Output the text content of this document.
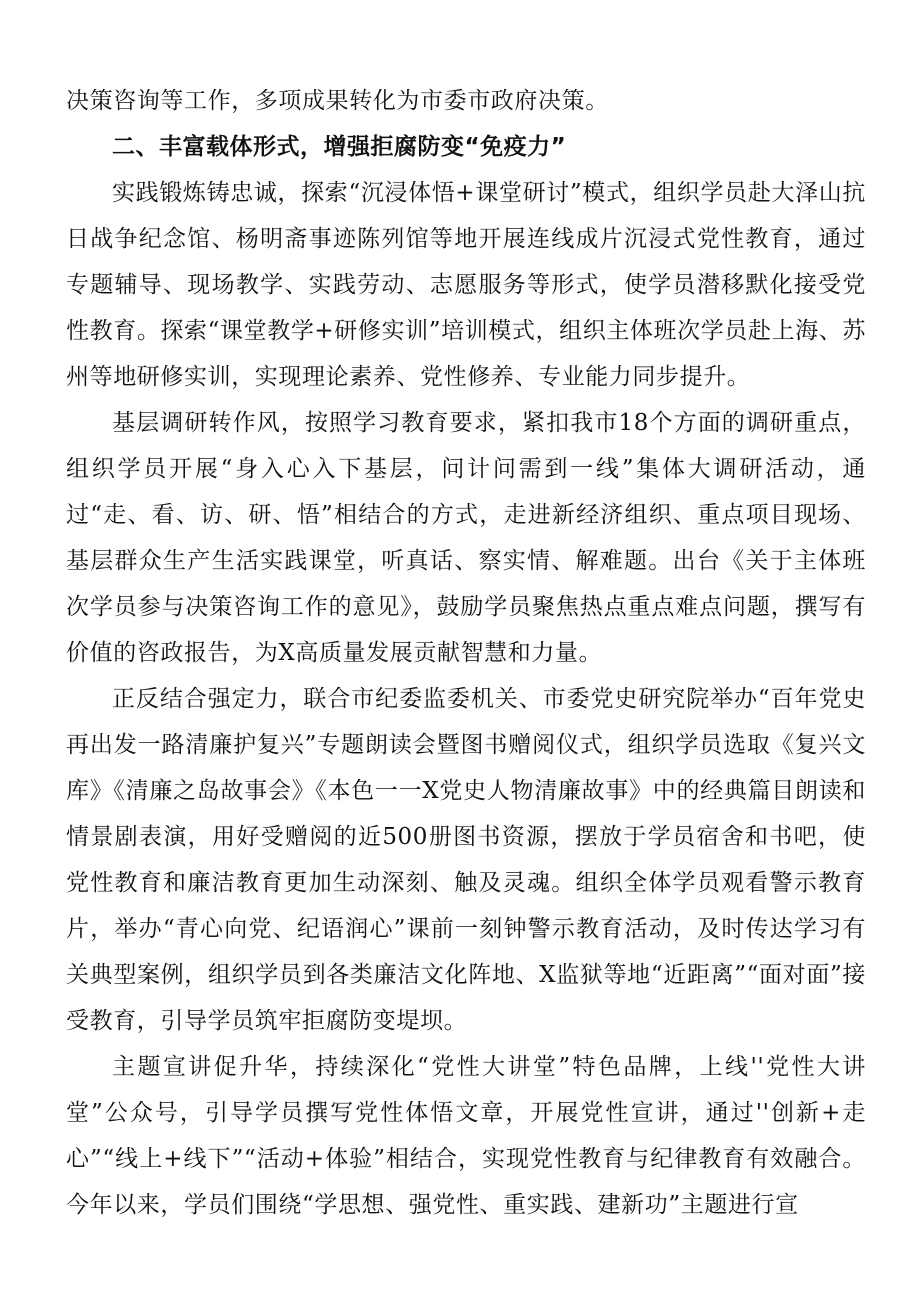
决策咨询等工作，多项成果转化为市委市政府决策。

二、丰富载体形式，增强拒腐防变“免疫力”

实践锻炼铸忠诚，探索“沉浸体悟+课堂研讨”模式，组织学员赴大泽山抗日战争纪念馆、杨明斋事迹陈列馆等地开展连线成片沉浸式党性教育，通过专题辅导、现场教学、实践劳动、志愿服务等形式，使学员潜移默化接受党性教育。探索“课堂教学+研修实训”培训模式，组织主体班次学员赴上海、苏州等地研修实训，实现理论素养、党性修养、专业能力同步提升。

基层调研转作风，按照学习教育要求，紧扣我市18个方面的调研重点，组织学员开展“身入心入下基层，问计问需到一线”集体大调研活动，通过“走、看、访、研、悟”相结合的方式，走进新经济组织、重点项目现场、基层群众生产生活实践课堂，听真话、察实情、解难题。出台《关于主体班次学员参与决策咨询工作的意见》，鼓励学员聚焦热点重点难点问题，撰写有价值的咨政报告，为X高质量发展贡献智慧和力量。

正反结合强定力，联合市纪委监委机关、市委党史研究院举办“百年党史再出发一路清廉护复兴”专题朗读会暨图书赠阅仪式，组织学员选取《复兴文库》《清廉之岛故事会》《本色一一X党史人物清廉故事》中的经典篇目朗读和情景剧表演，用好受赠阅的近500册图书资源，摆放于学员宿舍和书吧，使党性教育和廉洁教育更加生动深刻、触及灵魂。组织全体学员观看警示教育片，举办“青心向党、纪语润心”课前一刻钟警示教育活动，及时传达学习有关典型案例，组织学员到各类廉洁文化阵地、X监狱等地“近距离”“面对面”接受教育，引导学员筑牢拒腐防变堤坝。

主题宣讲促升华，持续深化“党性大讲堂”特色品牌，上线''党性大讲堂”公众号，引导学员撰写党性体悟文章，开展党性宣讲，通过''创新+走心”“线上+线下”“活动+体验”相结合，实现党性教育与纪律教育有效融合。今年以来，学员们围绕“学思想、强党性、重实践、建新功”主题进行宣
